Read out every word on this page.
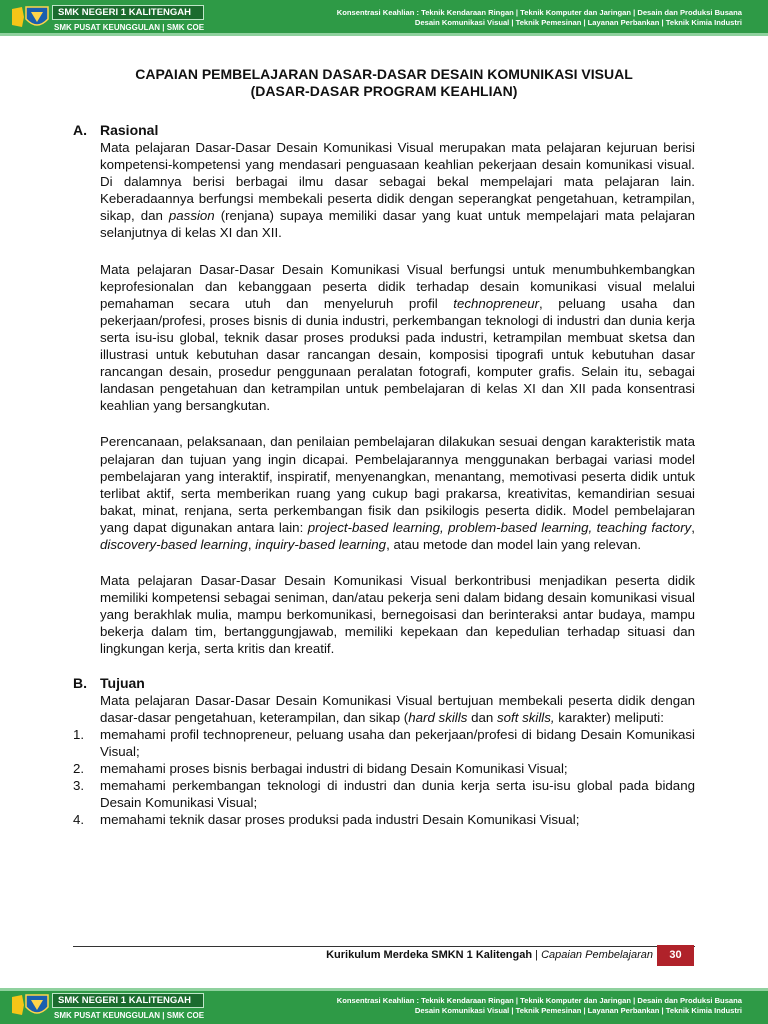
SMK NEGERI 1 KALITENGAH
SMK PUSAT KEUNGGULAN | SMK COE
Konsentrasi Keahlian : Teknik Kendaraan Ringan | Teknik Komputer dan Jaringan | Desain dan Produksi Busana
Desain Komunikasi Visual | Teknik Pemesinan | Layanan Perbankan | Teknik Kimia Industri

CAPAIAN PEMBELAJARAN DASAR-DASAR DESAIN KOMUNIKASI VISUAL
(DASAR-DASAR PROGRAM KEAHLIAN)

A. Rasional

Mata pelajaran Dasar-Dasar Desain Komunikasi Visual merupakan mata pelajaran kejuruan berisi kompetensi-kompetensi yang mendasari penguasaan keahlian pekerjaan desain komunikasi visual. Di dalamnya berisi berbagai ilmu dasar sebagai bekal mempelajari mata pelajaran lain. Keberadaannya berfungsi membekali peserta didik dengan seperangkat pengetahuan, ketrampilan, sikap, dan passion (renjana) supaya memiliki dasar yang kuat untuk mempelajari mata pelajaran selanjutnya di kelas XI dan XII.

Mata pelajaran Dasar-Dasar Desain Komunikasi Visual berfungsi untuk menumbuhkembangkan keprofesionalan dan kebanggaan peserta didik terhadap desain komunikasi visual melalui pemahaman secara utuh dan menyeluruh profil technopreneur, peluang usaha dan pekerjaan/profesi, proses bisnis di dunia industri, perkembangan teknologi di industri dan dunia kerja serta isu-isu global, teknik dasar proses produksi pada industri, ketrampilan membuat sketsa dan illustrasi untuk kebutuhan dasar rancangan desain, komposisi tipografi untuk kebutuhan dasar rancangan desain, prosedur penggunaan peralatan fotografi, komputer grafis. Selain itu, sebagai landasan pengetahuan dan ketrampilan untuk pembelajaran di kelas XI dan XII pada konsentrasi keahlian yang bersangkutan.

Perencanaan, pelaksanaan, dan penilaian pembelajaran dilakukan sesuai dengan karakteristik mata pelajaran dan tujuan yang ingin dicapai. Pembelajarannya menggunakan berbagai variasi model pembelajaran yang interaktif, inspiratif, menyenangkan, menantang, memotivasi peserta didik untuk terlibat aktif, serta memberikan ruang yang cukup bagi prakarsa, kreativitas, kemandirian sesuai bakat, minat, renjana, serta perkembangan fisik dan psikilogis peserta didik. Model pembelajaran yang dapat digunakan antara lain: project-based learning, problem-based learning, teaching factory, discovery-based learning, inquiry-based learning, atau metode dan model lain yang relevan.

Mata pelajaran Dasar-Dasar Desain Komunikasi Visual berkontribusi menjadikan peserta didik memiliki kompetensi sebagai seniman, dan/atau pekerja seni dalam bidang desain komunikasi visual yang berakhlak mulia, mampu berkomunikasi, bernegoisasi dan berinteraksi antar budaya, mampu bekerja dalam tim, bertanggungjawab, memiliki kepekaan dan kepedulian terhadap situasi dan lingkungan kerja, serta kritis dan kreatif.

B. Tujuan

Mata pelajaran Dasar-Dasar Desain Komunikasi Visual bertujuan membekali peserta didik dengan dasar-dasar pengetahuan, keterampilan, dan sikap (hard skills dan soft skills, karakter) meliputi:

1.	memahami profil technopreneur, peluang usaha dan pekerjaan/profesi di bidang Desain Komunikasi Visual;
2.	memahami proses bisnis berbagai industri di bidang Desain Komunikasi Visual;
3.	memahami perkembangan teknologi di industri dan dunia kerja serta isu-isu global pada bidang Desain Komunikasi Visual;
4.	memahami teknik dasar proses produksi pada industri Desain Komunikasi Visual;
Kurikulum Merdeka SMKN 1 Kalitengah | Capaian Pembelajaran	30
SMK NEGERI 1 KALITENGAH
SMK PUSAT KEUNGGULAN | SMK COE
Konsentrasi Keahlian : Teknik Kendaraan Ringan | Teknik Komputer dan Jaringan | Desain dan Produksi Busana
Desain Komunikasi Visual | Teknik Pemesinan | Layanan Perbankan | Teknik Kimia Industri
